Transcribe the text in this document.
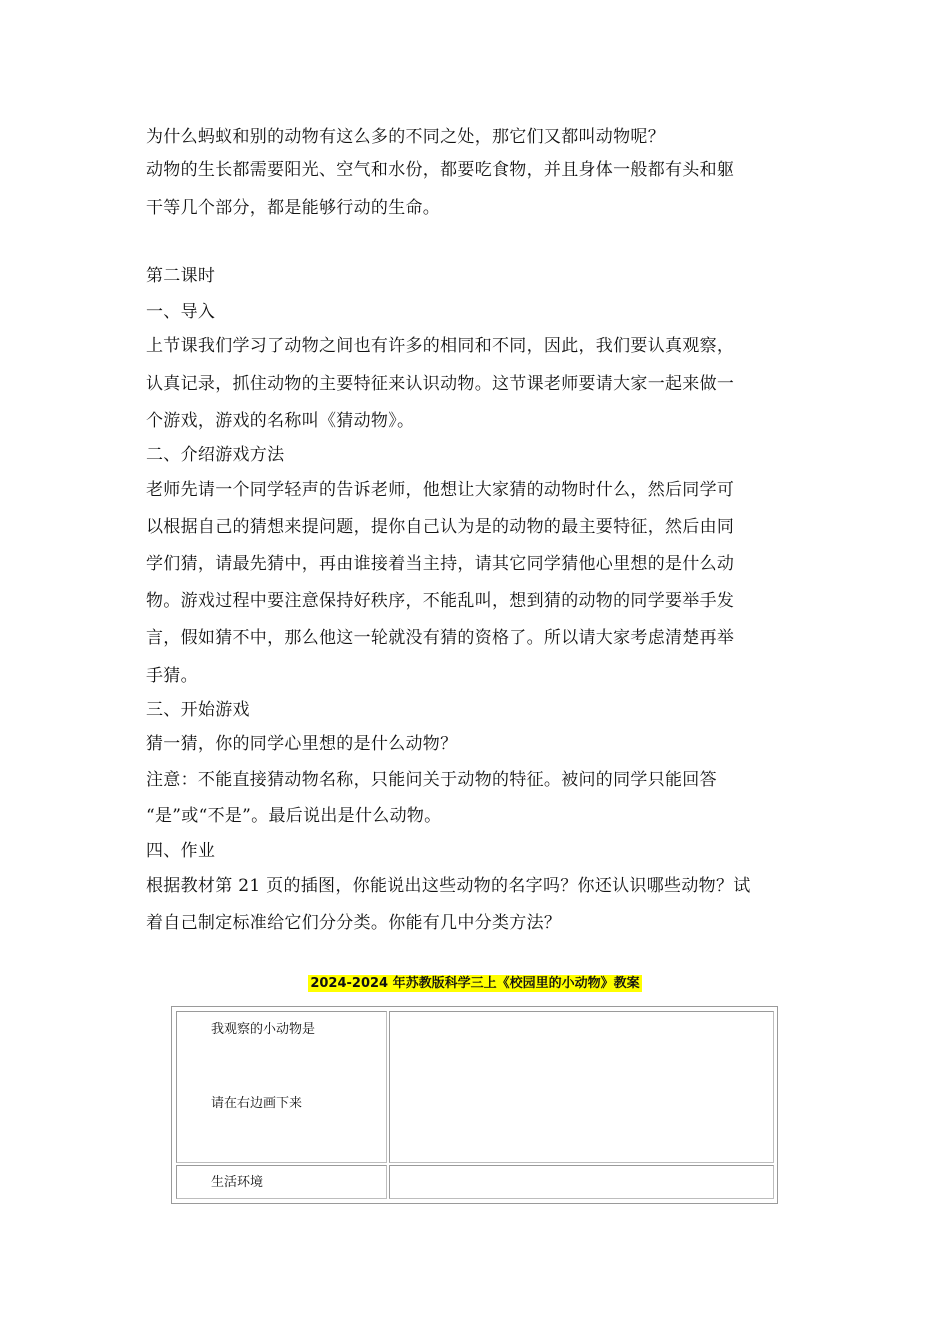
为什么蚂蚁和别的动物有这么多的不同之处，那它们又都叫动物呢？
动物的生长都需要阳光、空气和水份，都要吃食物，并且身体一般都有头和躯
干等几个部分，都是能够行动的生命。
第二课时
一、导入
上节课我们学习了动物之间也有许多的相同和不同，因此，我们要认真观察，
认真记录，抓住动物的主要特征来认识动物。这节课老师要请大家一起来做一
个游戏，游戏的名称叫《猜动物》。
二、介绍游戏方法
老师先请一个同学轻声的告诉老师，他想让大家猜的动物时什么，然后同学可
以根据自己的猜想来提问题，提你自己认为是的动物的最主要特征，然后由同
学们猜，请最先猜中，再由谁接着当主持，请其它同学猜他心里想的是什么动
物。游戏过程中要注意保持好秩序，不能乱叫，想到猜的动物的同学要举手发
言，假如猜不中，那么他这一轮就没有猜的资格了。所以请大家考虑清楚再举
手猜。
三、开始游戏
猜一猜，你的同学心里想的是什么动物？
注意：不能直接猜动物名称，只能问关于动物的特征。被问的同学只能回答
“是”或“不是”。最后说出是什么动物。
四、作业
根据教材第 21 页的插图，你能说出这些动物的名字吗？你还认识哪些动物？试
着自己制定标准给它们分分类。你能有几中分类方法？
2024-2024 年苏教版科学三上《校园里的小动物》教案
我观察的小动物是
请在右边画下来
生活环境
